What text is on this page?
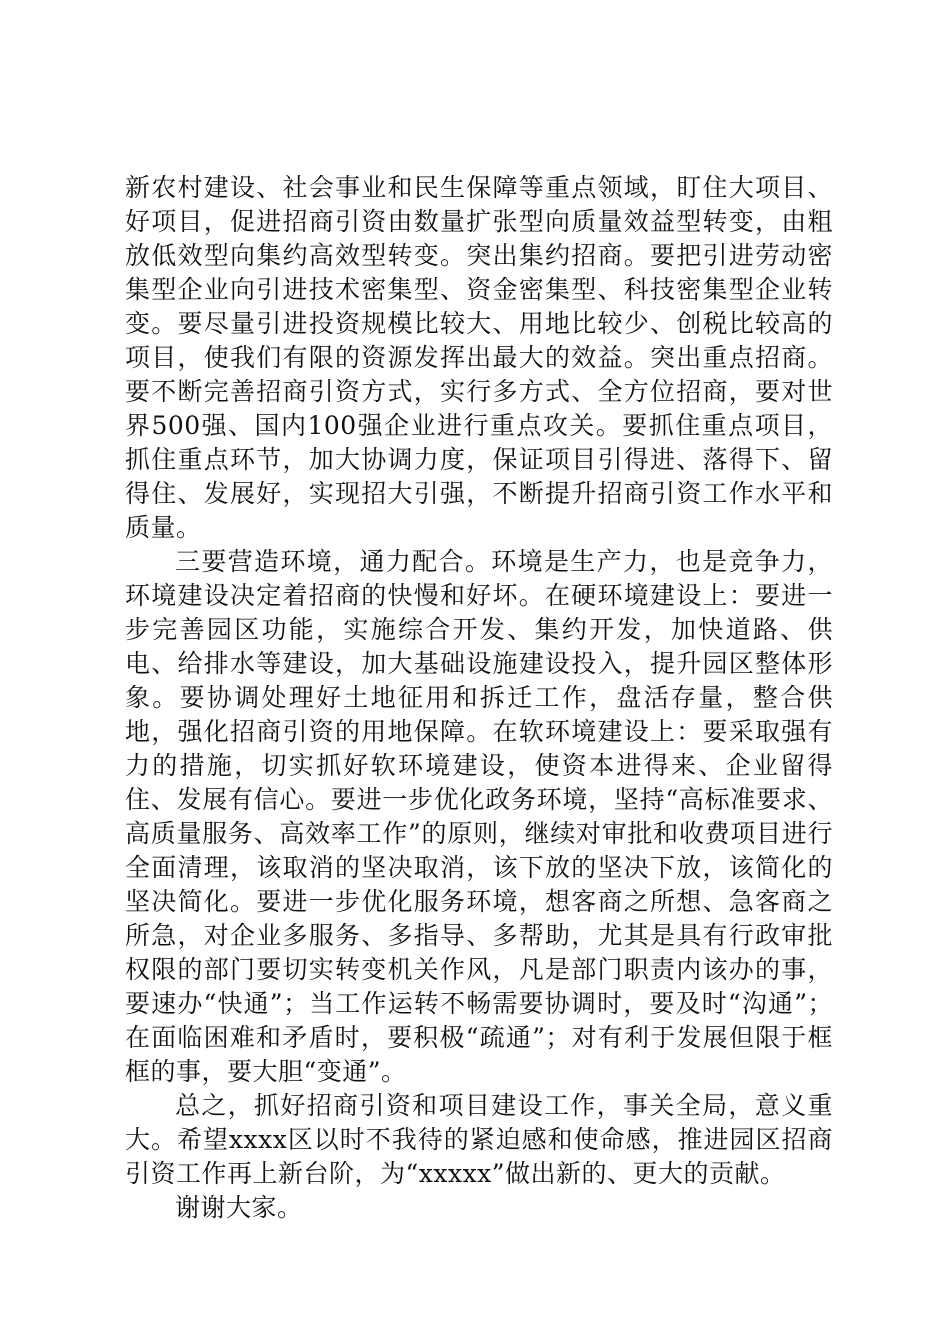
新农村建设、社会事业和民生保障等重点领域，盯住大项目、好项目，促进招商引资由数量扩张型向质量效益型转变，由粗放低效型向集约高效型转变。突出集约招商。要把引进劳动密集型企业向引进技术密集型、资金密集型、科技密集型企业转变。要尽量引进投资规模比较大、用地比较少、创税比较高的项目，使我们有限的资源发挥出最大的效益。突出重点招商。要不断完善招商引资方式，实行多方式、全方位招商，要对世界500强、国内100强企业进行重点攻关。要抓住重点项目，抓住重点环节，加大协调力度，保证项目引得进、落得下、留得住、发展好，实现招大引强，不断提升招商引资工作水平和质量。

三要营造环境，通力配合。环境是生产力，也是竞争力，环境建设决定着招商的快慢和好坏。在硬环境建设上：要进一步完善园区功能，实施综合开发、集约开发，加快道路、供电、给排水等建设，加大基础设施建设投入，提升园区整体形象。要协调处理好土地征用和拆迁工作，盘活存量，整合供地，强化招商引资的用地保障。在软环境建设上：要采取强有力的措施，切实抓好软环境建设，使资本进得来、企业留得住、发展有信心。要进一步优化政务环境，坚持“高标准要求、高质量服务、高效率工作”的原则，继续对审批和收费项目进行全面清理，该取消的坚决取消，该下放的坚决下放，该简化的坚决简化。要进一步优化服务环境，想客商之所想、急客商之所急，对企业多服务、多指导、多帮助，尤其是具有行政审批权限的部门要切实转变机关作风，凡是部门职责内该办的事，要速办“快通”；当工作运转不畅需要协调时，要及时“沟通”；在面临困难和矛盾时，要积极“疏通”；对有利于发展但限于框框的事，要大胆“变通”。

总之，抓好招商引资和项目建设工作，事关全局，意义重大。希望xxxx区以时不我待的紧迫感和使命感，推进园区招商引资工作再上新台阶，为“xxxxx”做出新的、更大的贡献。

谢谢大家。
